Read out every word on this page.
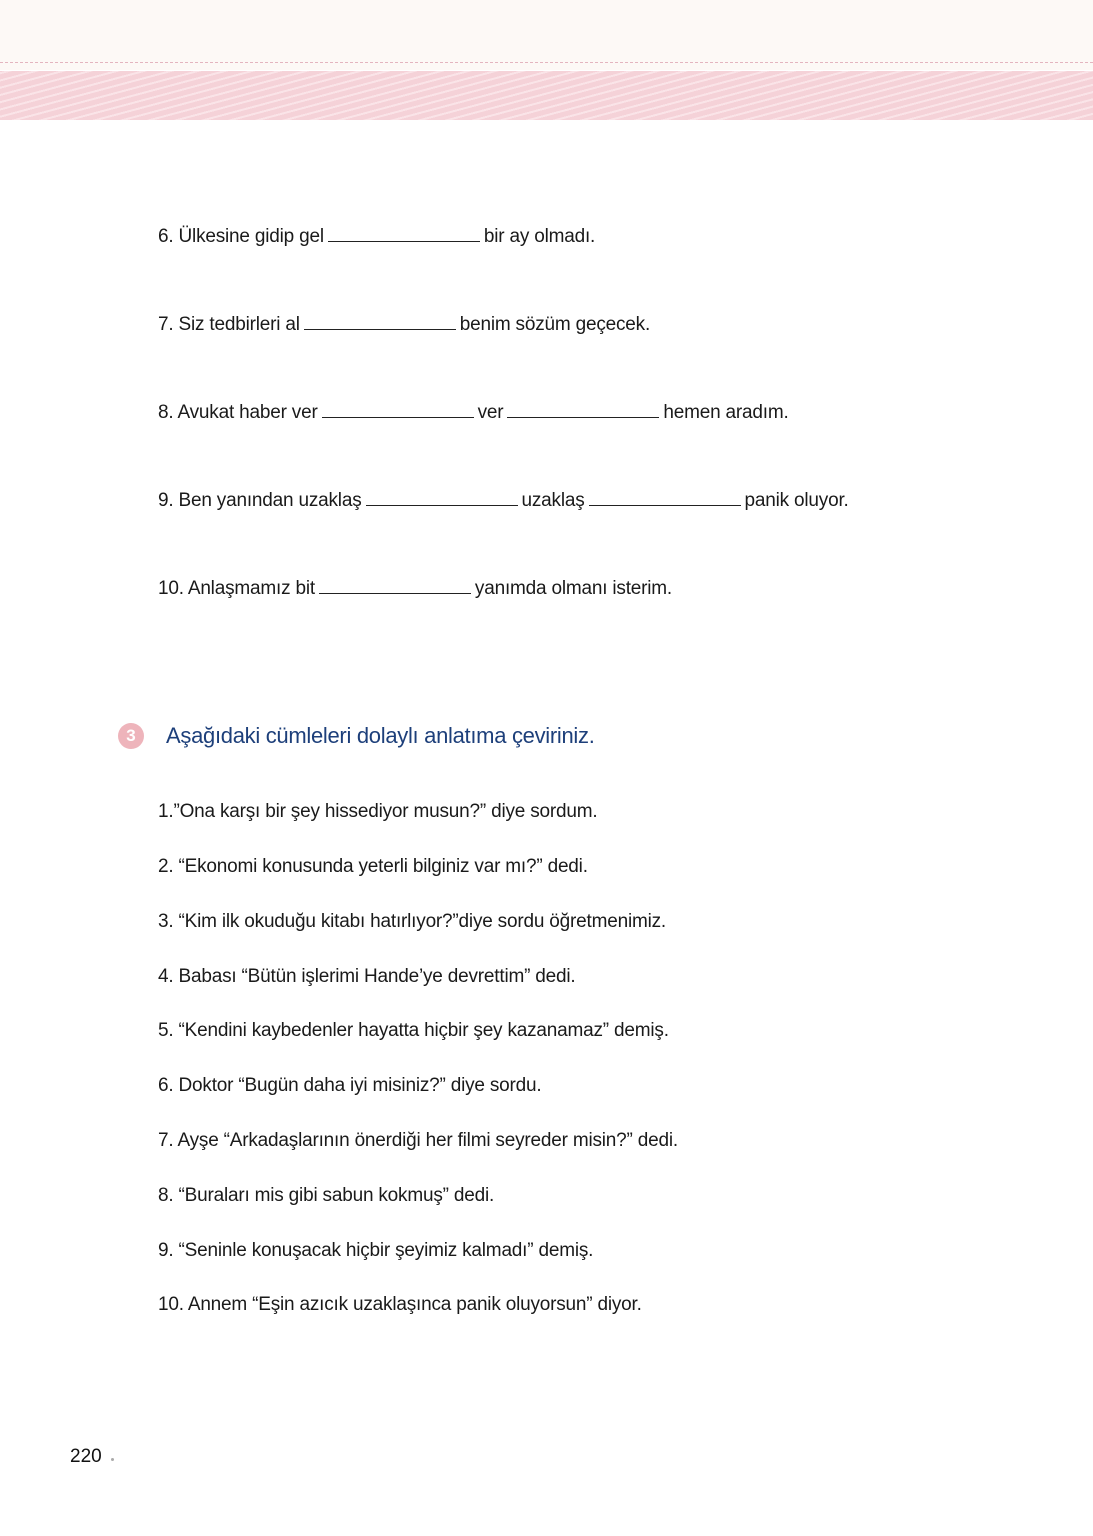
6. Ülkesine gidip gel	bir ay olmadı.
7. Siz tedbirleri al	benim sözüm geçecek.
8. Avukat haber ver	ver	hemen aradım.
9. Ben yanından uzaklaş	uzaklaş	panik oluyor.
10. Anlaşmamız bit	yanımda olmanı isterim.
3	Aşağıdaki cümleleri dolaylı anlatıma çeviriniz.
1.”Ona karşı bir şey hissediyor musun?” diye sordum.
2. “Ekonomi konusunda yeterli bilginiz var mı?” dedi.
3. “Kim ilk okuduğu kitabı hatırlıyor?”diye sordu öğretmenimiz.
4. Babası “Bütün işlerimi Hande’ye devrettim” dedi.
5. “Kendini kaybedenler hayatta hiçbir şey kazanamaz” demiş.
6. Doktor “Bugün daha iyi misiniz?” diye sordu.
7. Ayşe “Arkadaşlarının önerdiği her filmi seyreder misin?” dedi.
8. “Buraları mis gibi sabun kokmuş” dedi.
9. “Seninle konuşacak hiçbir şeyimiz kalmadı” demiş.
10. Annem “Eşin azıcık uzaklaşınca panik oluyorsun” diyor.
220
